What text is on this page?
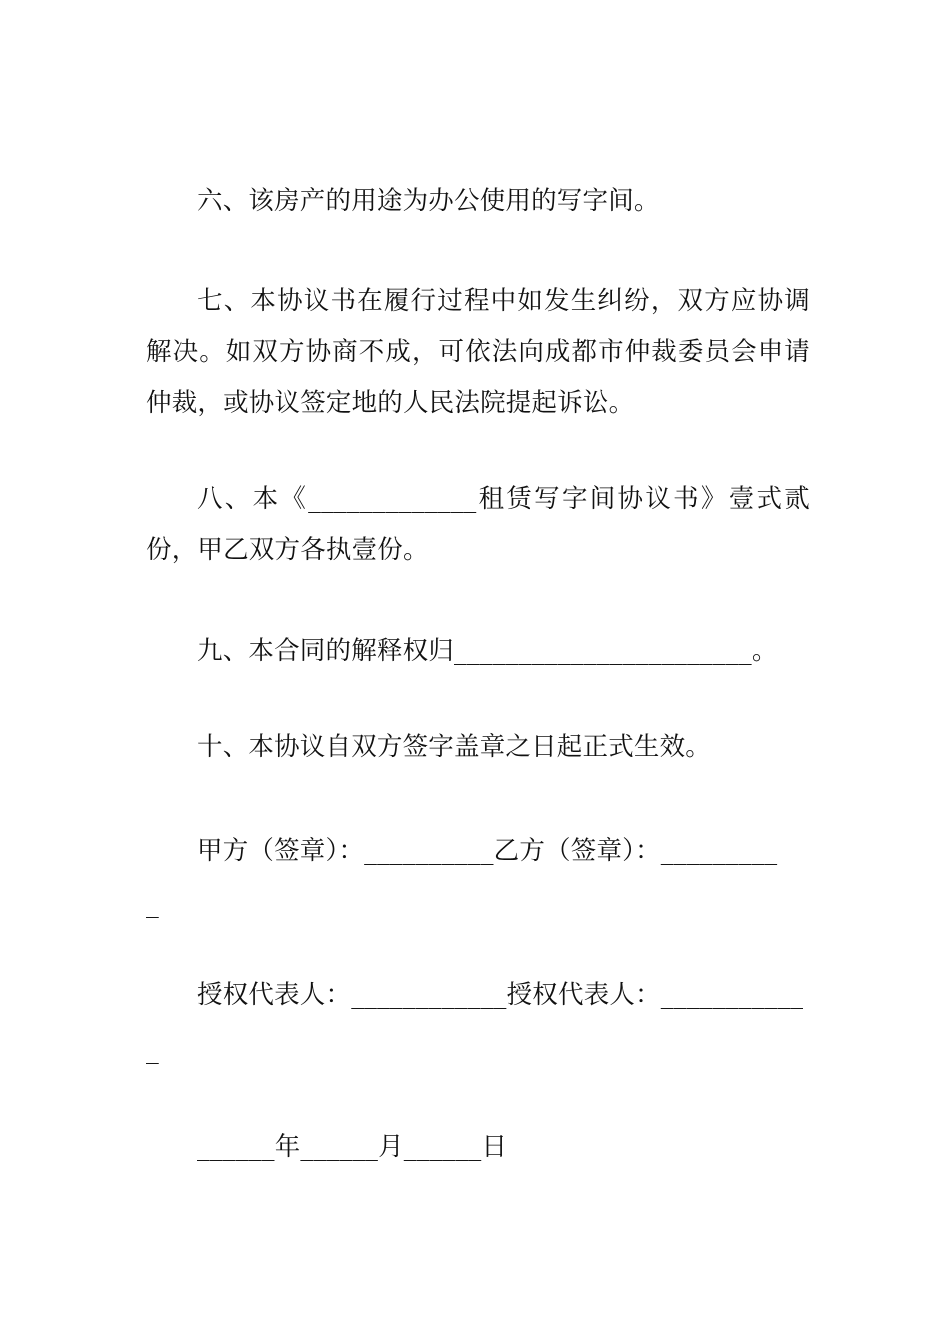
六、该房产的用途为办公使用的写字间。
七、本协议书在履行过程中如发生纠纷，双方应协调解决。如双方协商不成，可依法向成都市仲裁委员会申请仲裁，或协议签定地的人民法院提起诉讼。
八、本《_____________租赁写字间协议书》壹式贰份，甲乙双方各执壹份。
九、本合同的解释权归_______________________。
十、本协议自双方签字盖章之日起正式生效。
甲方（签章）：__________乙方（签章）：_________
_
授权代表人：____________授权代表人：___________
_
______年______月______日
